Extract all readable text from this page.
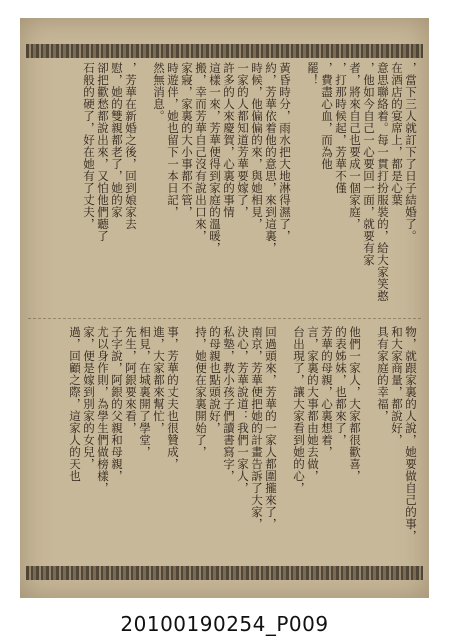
，當下三人就訂下了日子結婚了。
在酒店的宴席上，都是心葉
意思聯絡着。每一貫打扮服裝的，給大家笑憨
，他如今自己一心要回一面，就要有家
者，將來自己也要成一個家庭，
，打那時候起，芳華不僅
，費盡心血，而為他
罷！
黃昏時分，雨水把大地淋得濕了，
約，芳華依着他的意思，來到這裏，
時候，他偏偏的來，與她相見，
一家的人都知道芳華要嫁了，
許多的人來慶賀，心裏的事情
這樣一來，芳華便得到家庭的溫暖，
搬，幸而芳華自己沒有說出口來，
家寢，家裏的大小事都不管，
時遊伴，她也留下一本日記，
然無消息。
，芳華在新婚之後，回到娘家去
慰，她的雙親都老了，她的家
卻把歡愁都說出來，又怕他們聽了
石般的硬了，好在她有了丈夫，
物，就跟家裏的人說，她要做自己的事，
和大家商量，都說好，
具有家庭的幸福，
他們一家人，大家都很歡喜，
的表姊妹，也都來了，
芳華的母親，心裏想着，
言，家裏的大事都由她去做，
台出現了，讓大家看到她的心，
回過頭來，芳華的一家人都圍攏來了，
南京，芳華便把她的計畫告訴了大家，
決心，芳華說道：我們一家人，
私塾，教小孩子們讀書寫字，
的母親也點頭說好，
持，她便在家裏開始了，
事，芳華的丈夫也很贊成，
進，大家都來幫忙，
相見，在城裏開了學堂，
先生，阿銀要來看，
子字說，阿銀的父親和母親，
尤以身作則，為學生們做榜樣，
家，便是嫁到別家的女兒，
過，回顧之際，這家人的天也
20100190254_P009
